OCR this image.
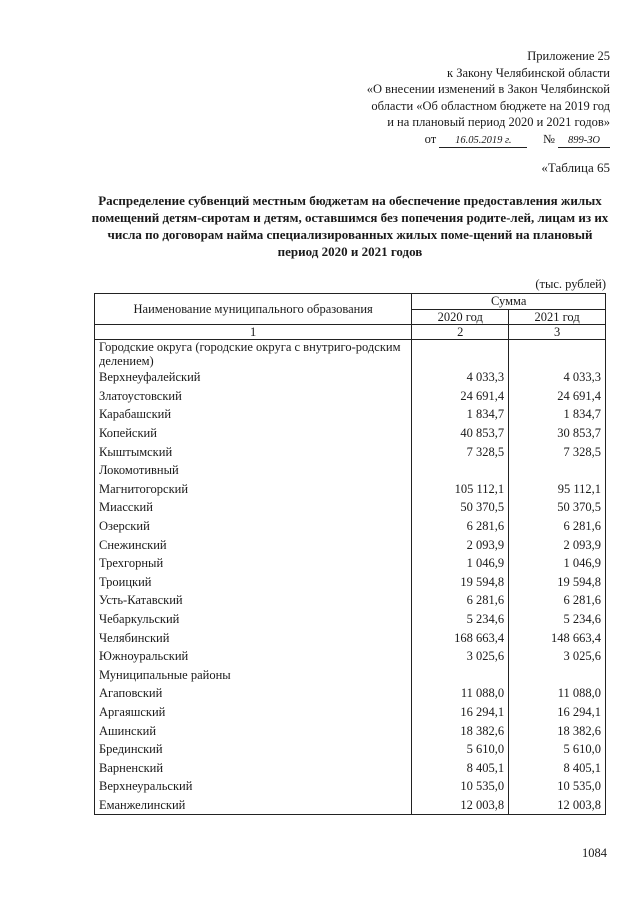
Приложение 25
к Закону Челябинской области
«О внесении изменений в Закон Челябинской
области «Об областном бюджете на 2019 год
и на плановый период 2020 и 2021 годов»
от 16.05.2019 г.	№ 899-ЗО
«Таблица 65
Распределение субвенций местным бюджетам на обеспечение предоставления жилых помещений детям-сиротам и детям, оставшимся без попечения родите-лей, лицам из их числа по договорам найма специализированных жилых поме-щений на плановый период 2020 и 2021 годов
(тыс. рублей)
Наименование муниципального образования	Сумма	
	2020 год	2021 год
1	2	3
Городские округа (городские округа с внутриго-родским делением)		
Верхнеуфалейский	4 033,3	4 033,3
Златоустовский	24 691,4	24 691,4
Карабашский	1 834,7	1 834,7
Копейский	40 853,7	30 853,7
Кыштымский	7 328,5	7 328,5
Локомотивный		
Магнитогорский	105 112,1	95 112,1
Миасский	50 370,5	50 370,5
Озерский	6 281,6	6 281,6
Снежинский	2 093,9	2 093,9
Трехгорный	1 046,9	1 046,9
Троицкий	19 594,8	19 594,8
Усть-Катавский	6 281,6	6 281,6
Чебаркульский	5 234,6	5 234,6
Челябинский	168 663,4	148 663,4
Южноуральский	3 025,6	3 025,6
Муниципальные районы		
Агаповский	11 088,0	11 088,0
Аргаяшский	16 294,1	16 294,1
Ашинский	18 382,6	18 382,6
Брединский	5 610,0	5 610,0
Варненский	8 405,1	8 405,1
Верхнеуральский	10 535,0	10 535,0
Еманжелинский	12 003,8	12 003,8
1084
